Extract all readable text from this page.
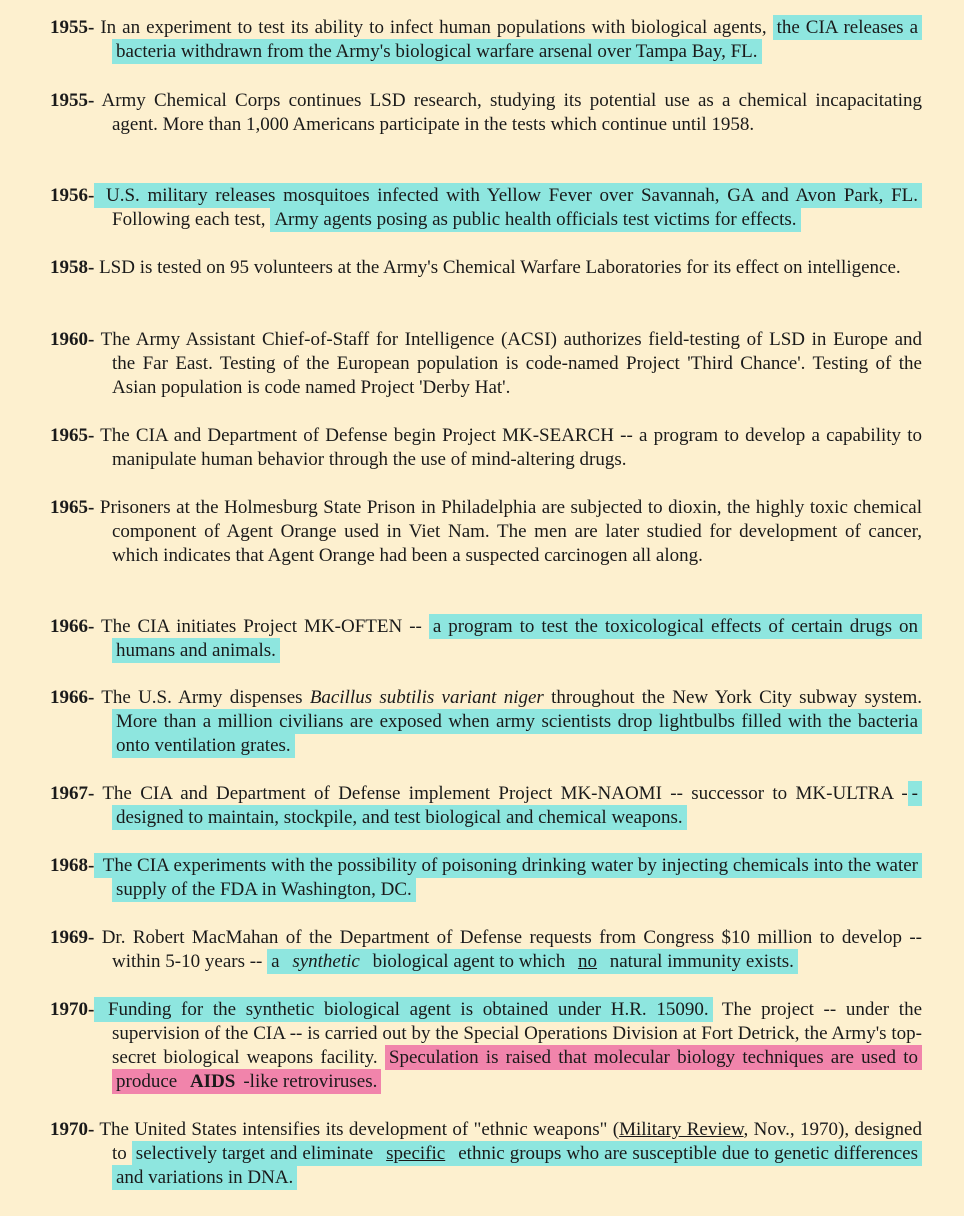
1955- In an experiment to test its ability to infect human populations with biological agents, the CIA releases a bacteria withdrawn from the Army's biological warfare arsenal over Tampa Bay, FL.
1955- Army Chemical Corps continues LSD research, studying its potential use as a chemical incapacitating agent. More than 1,000 Americans participate in the tests which continue until 1958.
1956- U.S. military releases mosquitoes infected with Yellow Fever over Savannah, GA and Avon Park, FL. Following each test, Army agents posing as public health officials test victims for effects.
1958- LSD is tested on 95 volunteers at the Army's Chemical Warfare Laboratories for its effect on intelligence.
1960- The Army Assistant Chief-of-Staff for Intelligence (ACSI) authorizes field-testing of LSD in Europe and the Far East. Testing of the European population is code-named Project 'Third Chance'. Testing of the Asian population is code named Project 'Derby Hat'.
1965- The CIA and Department of Defense begin Project MK-SEARCH -- a program to develop a capability to manipulate human behavior through the use of mind-altering drugs.
1965- Prisoners at the Holmesburg State Prison in Philadelphia are subjected to dioxin, the highly toxic chemical component of Agent Orange used in Viet Nam. The men are later studied for development of cancer, which indicates that Agent Orange had been a suspected carcinogen all along.
1966- The CIA initiates Project MK-OFTEN -- a program to test the toxicological effects of certain drugs on humans and animals.
1966- The U.S. Army dispenses Bacillus subtilis variant niger throughout the New York City subway system. More than a million civilians are exposed when army scientists drop lightbulbs filled with the bacteria onto ventilation grates.
1967- The CIA and Department of Defense implement Project MK-NAOMI -- successor to MK-ULTRA - - designed to maintain, stockpile, and test biological and chemical weapons.
1968- The CIA experiments with the possibility of poisoning drinking water by injecting chemicals into the water supply of the FDA in Washington, DC.
1969- Dr. Robert MacMahan of the Department of Defense requests from Congress $10 million to develop -- within 5-10 years -- a synthetic biological agent to which no natural immunity exists.
1970- Funding for the synthetic biological agent is obtained under H.R. 15090. The project -- under the supervision of the CIA -- is carried out by the Special Operations Division at Fort Detrick, the Army's top-secret biological weapons facility. Speculation is raised that molecular biology techniques are used to produce AIDS -like retroviruses.
1970- The United States intensifies its development of "ethnic weapons" (Military Review, Nov., 1970), designed to selectively target and eliminate specific ethnic groups who are susceptible due to genetic differences and variations in DNA.
